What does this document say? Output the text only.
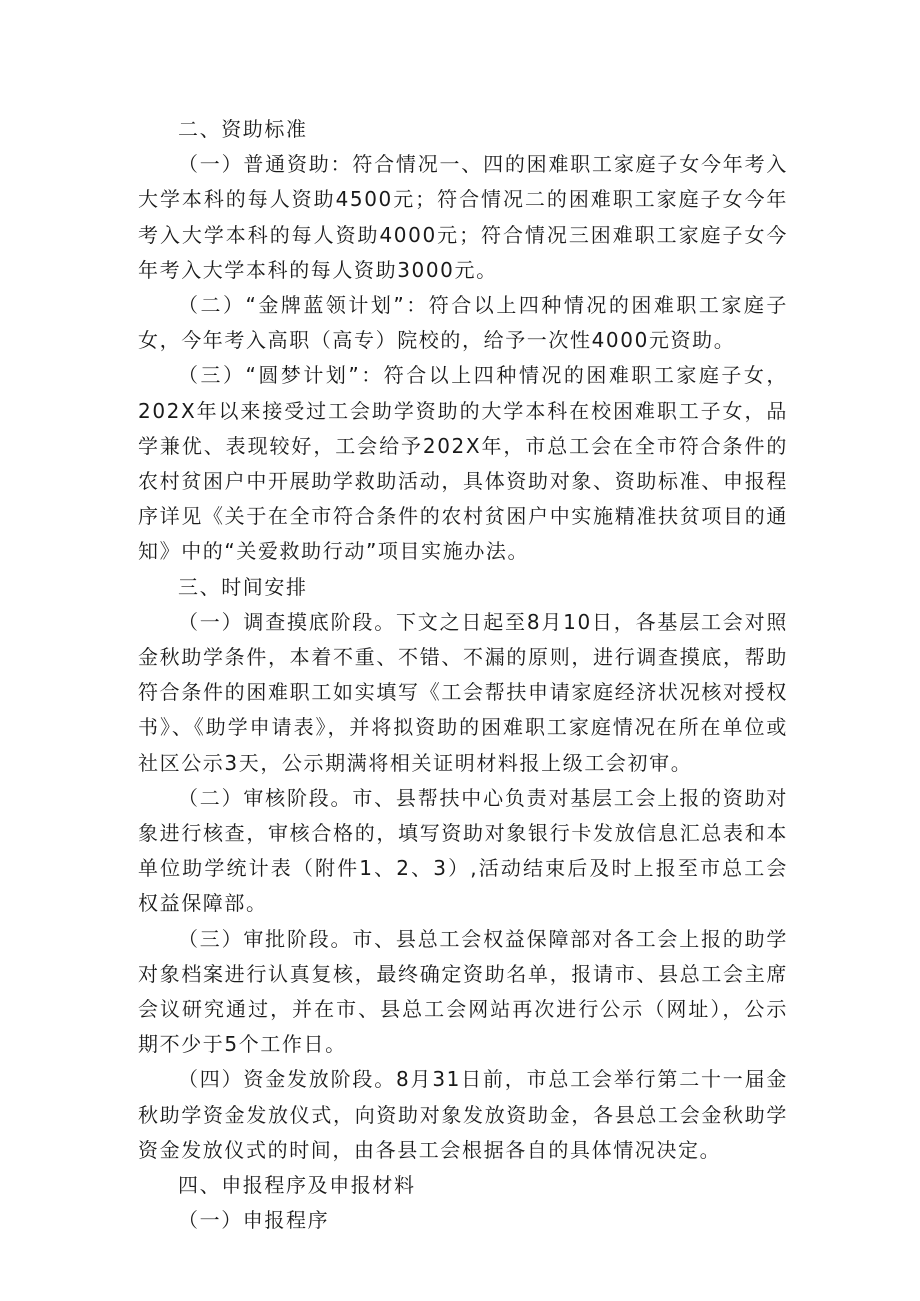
二、资助标准

（一）普通资助：符合情况一、四的困难职工家庭子女今年考入大学本科的每人资助4500元；符合情况二的困难职工家庭子女今年考入大学本科的每人资助4000元；符合情况三困难职工家庭子女今年考入大学本科的每人资助3000元。

（二）“金牌蓝领计划”：符合以上四种情况的困难职工家庭子女，今年考入高职（高专）院校的，给予一次性4000元资助。

（三）“圆梦计划”：符合以上四种情况的困难职工家庭子女，202X年以来接受过工会助学资助的大学本科在校困难职工子女，品学兼优、表现较好，工会给予202X年，市总工会在全市符合条件的农村贫困户中开展助学救助活动，具体资助对象、资助标准、申报程序详见《关于在全市符合条件的农村贫困户中实施精准扶贫项目的通知》中的“关爱救助行动”项目实施办法。

三、时间安排

（一）调查摸底阶段。下文之日起至8月10日，各基层工会对照金秋助学条件，本着不重、不错、不漏的原则，进行调查摸底，帮助符合条件的困难职工如实填写《工会帮扶申请家庭经济状况核对授权书》、《助学申请表》，并将拟资助的困难职工家庭情况在所在单位或社区公示3天，公示期满将相关证明材料报上级工会初审。

（二）审核阶段。市、县帮扶中心负责对基层工会上报的资助对象进行核查，审核合格的，填写资助对象银行卡发放信息汇总表和本单位助学统计表（附件1、2、3）,活动结束后及时上报至市总工会权益保障部。

（三）审批阶段。市、县总工会权益保障部对各工会上报的助学对象档案进行认真复核，最终确定资助名单，报请市、县总工会主席会议研究通过，并在市、县总工会网站再次进行公示（网址），公示期不少于5个工作日。

（四）资金发放阶段。8月31日前，市总工会举行第二十一届金秋助学资金发放仪式，向资助对象发放资助金，各县总工会金秋助学资金发放仪式的时间，由各县工会根据各自的具体情况决定。

四、申报程序及申报材料

（一）申报程序
